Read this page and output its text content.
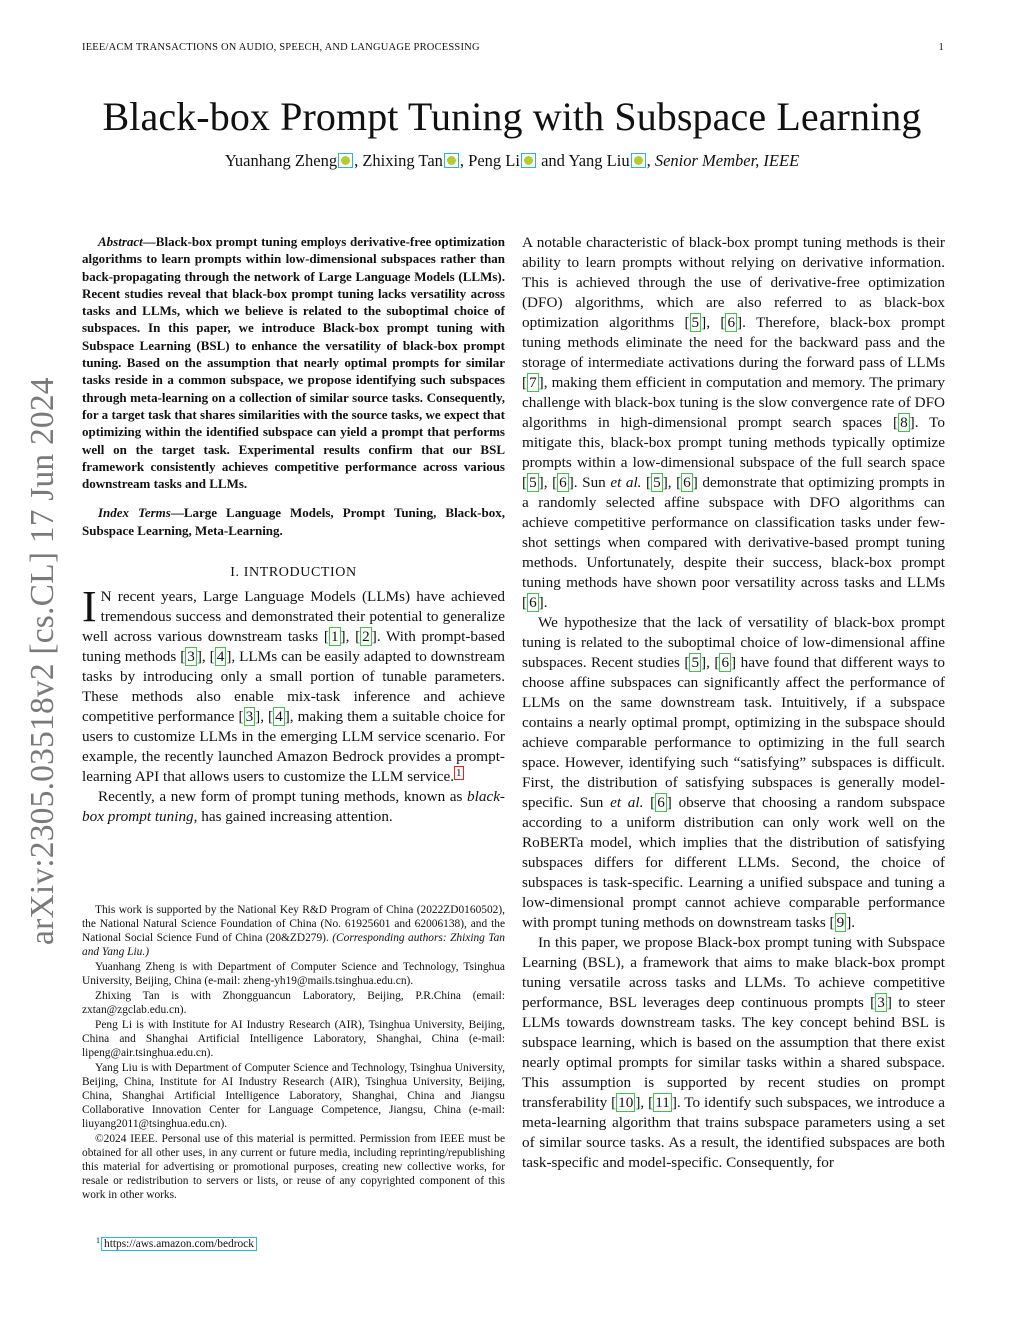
IEEE/ACM TRANSACTIONS ON AUDIO, SPEECH, AND LANGUAGE PROCESSING	1
arXiv:2305.03518v2 [cs.CL] 17 Jun 2024
Black-box Prompt Tuning with Subspace Learning
Yuanhang Zheng , Zhixing Tan , Peng Li and Yang Liu , Senior Member, IEEE

Abstract—Black-box prompt tuning employs derivative-free optimization algorithms to learn prompts within low-dimensional subspaces rather than back-propagating through the network of Large Language Models (LLMs). Recent studies reveal that black-box prompt tuning lacks versatility across tasks and LLMs, which we believe is related to the suboptimal choice of subspaces. In this paper, we introduce Black-box prompt tuning with Subspace Learning (BSL) to enhance the versatility of black-box prompt tuning. Based on the assumption that nearly optimal prompts for similar tasks reside in a common subspace, we propose identifying such subspaces through meta-learning on a collection of similar source tasks. Consequently, for a target task that shares similarities with the source tasks, we expect that optimizing within the identified subspace can yield a prompt that performs well on the target task. Experimental results confirm that our BSL framework consistently achieves competitive performance across various downstream tasks and LLMs.

Index Terms—Large Language Models, Prompt Tuning, Black-box, Subspace Learning, Meta-Learning.

I. INTRODUCTION

I N recent years, Large Language Models (LLMs) have achieved tremendous success and demonstrated their potential to generalize well across various downstream tasks [ 1 ], [ 2 ]. With prompt-based tuning methods [ 3 ], [ 4 ], LLMs can be easily adapted to downstream tasks by introducing only a small portion of tunable parameters. These methods also enable mix-task inference and achieve competitive performance [ 3 ], [ 4 ], making them a suitable choice for users to customize LLMs in the emerging LLM service scenario. For example, the recently launched Amazon Bedrock provides a prompt-learning API that allows users to customize the LLM service. $^1$

Recently, a new form of prompt tuning methods, known as black-box prompt tuning, has gained increasing attention.

This work is supported by the National Key R&D Program of China (2022ZD0160502), the National Natural Science Foundation of China (No. 61925601 and 62006138), and the National Social Science Fund of China (20&ZD279). (Corresponding authors: Zhixing Tan and Yang Liu.)

Yuanhang Zheng is with Department of Computer Science and Technology, Tsinghua University, Beijing, China (e-mail: zheng-yh19@mails.tsinghua.edu.cn).

Zhixing Tan is with Zhongguancun Laboratory, Beijing, P.R.China (email: zxtan@zgclab.edu.cn).

Peng Li is with Institute for AI Industry Research (AIR), Tsinghua University, Beijing, China and Shanghai Artificial Intelligence Laboratory, Shanghai, China (e-mail: lipeng@air.tsinghua.edu.cn).

Yang Liu is with Department of Computer Science and Technology, Tsinghua University, Beijing, China, Institute for AI Industry Research (AIR), Tsinghua University, Beijing, China, Shanghai Artificial Intelligence Laboratory, Shanghai, China and Jiangsu Collaborative Innovation Center for Language Competence, Jiangsu, China (e-mail: liuyang2011@tsinghua.edu.cn).

©2024 IEEE. Personal use of this material is permitted. Permission from IEEE must be obtained for all other uses, in any current or future media, including reprinting/republishing this material for advertising or promotional purposes, creating new collective works, for resale or redistribution to servers or lists, or reuse of any copyrighted component of this work in other works.

$^1$ https://aws.amazon.com/bedrock

A notable characteristic of black-box prompt tuning methods is their ability to learn prompts without relying on derivative information. This is achieved through the use of derivative-free optimization (DFO) algorithms, which are also referred to as black-box optimization algorithms [ 5 ], [ 6 ]. Therefore, black-box prompt tuning methods eliminate the need for the backward pass and the storage of intermediate activations during the forward pass of LLMs [ 7 ], making them efficient in computation and memory. The primary challenge with black-box tuning is the slow convergence rate of DFO algorithms in high-dimensional prompt search spaces [ 8 ]. To mitigate this, black-box prompt tuning methods typically optimize prompts within a low-dimensional subspace of the full search space [ 5 ], [ 6 ]. Sun et al. [ 5 ], [ 6 ] demonstrate that optimizing prompts in a randomly selected affine subspace with DFO algorithms can achieve competitive performance on classification tasks under few-shot settings when compared with derivative-based prompt tuning methods. Unfortunately, despite their success, black-box prompt tuning methods have shown poor versatility across tasks and LLMs [ 6 ].

We hypothesize that the lack of versatility of black-box prompt tuning is related to the suboptimal choice of low-dimensional affine subspaces. Recent studies [ 5 ], [ 6 ] have found that different ways to choose affine subspaces can significantly affect the performance of LLMs on the same downstream task. Intuitively, if a subspace contains a nearly optimal prompt, optimizing in the subspace should achieve comparable performance to optimizing in the full search space. However, identifying such “satisfying” subspaces is difficult. First, the distribution of satisfying subspaces is generally model-specific. Sun et al. [ 6 ] observe that choosing a random subspace according to a uniform distribution can only work well on the RoBERTa model, which implies that the distribution of satisfying subspaces differs for different LLMs. Second, the choice of subspaces is task-specific. Learning a unified subspace and tuning a low-dimensional prompt cannot achieve comparable performance with prompt tuning methods on downstream tasks [ 9 ].

In this paper, we propose Black-box prompt tuning with Subspace Learning (BSL), a framework that aims to make black-box prompt tuning versatile across tasks and LLMs. To achieve competitive performance, BSL leverages deep continuous prompts [ 3 ] to steer LLMs towards downstream tasks. The key concept behind BSL is subspace learning, which is based on the assumption that there exist nearly optimal prompts for similar tasks within a shared subspace. This assumption is supported by recent studies on prompt transferability [ 10 ], [ 11 ]. To identify such subspaces, we introduce a meta-learning algorithm that trains subspace parameters using a set of similar source tasks. As a result, the identified subspaces are both task-specific and model-specific. Consequently, for
